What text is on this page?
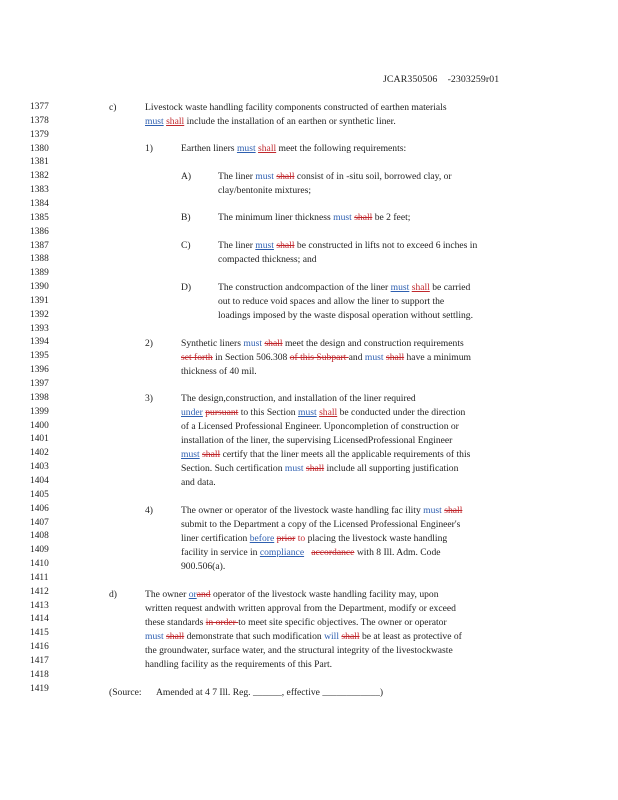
JCAR350506 -2303259r01
1377
1378
1379
1380
1381
1382
1383
1384
1385
1386
1387
1388
1389
1390
1391
1392
1393
1394
1395
1396
1397
1398
1399
1400
1401
1402
1403
1404
1405
1406
1407
1408
1409
1410
1411
1412
1413
1414
1415
1416
1417
1418
1419
c)	Livestock waste handling facility components constructed of earthen materials
must shall include the installation of an earthen or synthetic liner.
1)	Earthen liners must shall meet the following requirements:
A)	The liner must shall consist of in -situ soil, borrowed clay, or
clay/bentonite mixtures;
B)	The minimum liner thickness must shall be 2 feet;
C)	The liner must shall be constructed in lifts not to exceed 6 inches in
compacted thickness; and
D)	The construction andcompaction of the liner must shall be carried
out to reduce void spaces and allow the liner to support the
loadings imposed by the waste disposal operation without settling.
2)	Synthetic liners must shall meet the design and construction requirements
set forth in Section 506.308 of this Subpart and must shall have a minimum
thickness of 40 mil.
3)	The design,construction, and installation of the liner required
under pursuant to this Section must shall be conducted under the direction
of a Licensed Professional Engineer. Uponcompletion of construction or
installation of the liner, the supervising LicensedProfessional Engineer
must shall certify that the liner meets all the applicable requirements of this
Section. Such certification must shall include all supporting justification
and data.
4)	The owner or operator of the livestock waste handling fac ility must shall
submit to the Department a copy of the Licensed Professional Engineer's
liner certification before prior to placing the livestock waste handling
facility in service in compliance accordance with 8 Ill. Adm. Code
900.506(a).
d)	The owner orand operator of the livestock waste handling facility may, upon
written request andwith written approval from the Department, modify or exceed
these standards in order to meet site specific objectives. The owner or operator
must shall demonstrate that such modification will shall be at least as protective of
the groundwater, surface water, and the structural integrity of the livestockwaste
handling facility as the requirements of this Part.
(Source: Amended at 4 7 Ill. Reg. ______, effective ____________)
